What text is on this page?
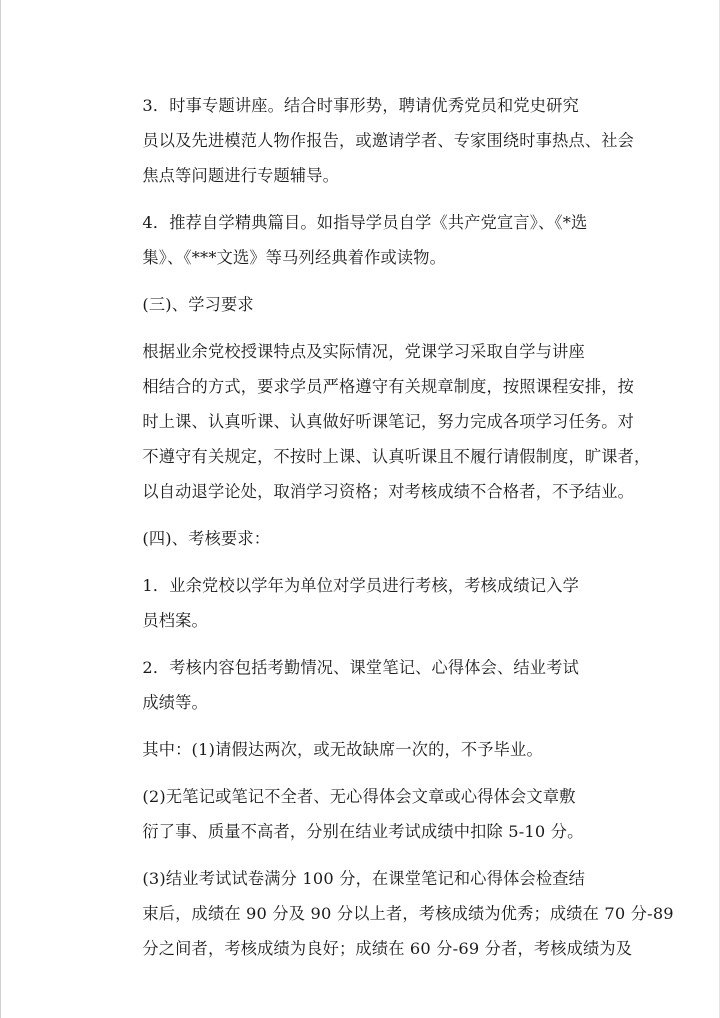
3．时事专题讲座。结合时事形势，聘请优秀党员和党史研究
员以及先进模范人物作报告，或邀请学者、专家围绕时事热点、社会
焦点等问题进行专题辅导。

4．推荐自学精典篇目。如指导学员自学《共产党宣言》、《*选
集》、《***文选》等马列经典着作或读物。

(三)、学习要求

根据业余党校授课特点及实际情况，党课学习采取自学与讲座
相结合的方式，要求学员严格遵守有关规章制度，按照课程安排，按
时上课、认真听课、认真做好听课笔记，努力完成各项学习任务。对
不遵守有关规定，不按时上课、认真听课且不履行请假制度，旷课者，
以自动退学论处，取消学习资格；对考核成绩不合格者，不予结业。

(四)、考核要求：

1．业余党校以学年为单位对学员进行考核，考核成绩记入学
员档案。

2．考核内容包括考勤情况、课堂笔记、心得体会、结业考试
成绩等。

其中：(1)请假达两次，或无故缺席一次的，不予毕业。

(2)无笔记或笔记不全者、无心得体会文章或心得体会文章敷
衍了事、质量不高者，分别在结业考试成绩中扣除 5-10 分。

(3)结业考试试卷满分 100 分，在课堂笔记和心得体会检查结
束后，成绩在 90 分及 90 分以上者，考核成绩为优秀；成绩在 70 分-89
分之间者，考核成绩为良好；成绩在 60 分-69 分者，考核成绩为及
